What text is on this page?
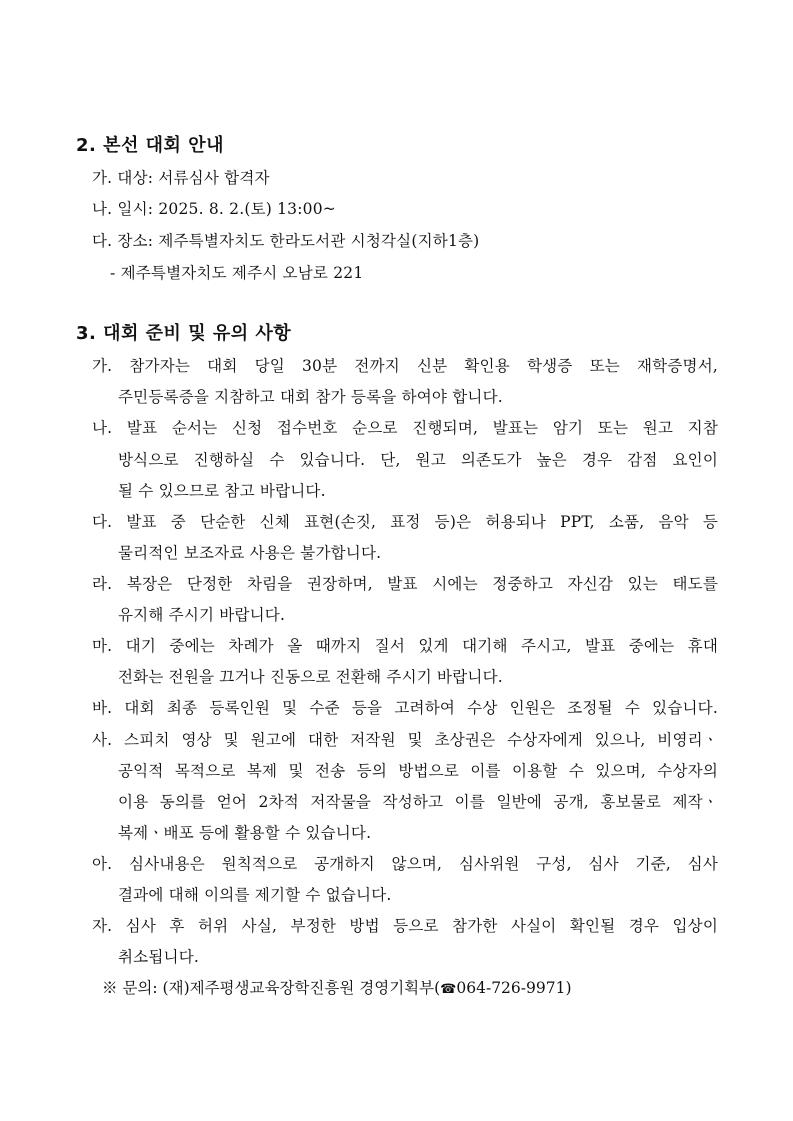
2. 본선 대회 안내
가. 대상: 서류심사 합격자
나. 일시: 2025. 8. 2.(토) 13:00~
다. 장소: 제주특별자치도 한라도서관 시청각실(지하1층)
- 제주특별자치도 제주시 오남로 221
3. 대회 준비 및 유의 사항
가. 참가자는 대회 당일 30분 전까지 신분 확인용 학생증 또는 재학증명서,
주민등록증을 지참하고 대회 참가 등록을 하여야 합니다.
나. 발표 순서는 신청 접수번호 순으로 진행되며, 발표는 암기 또는 원고 지참
방식으로 진행하실 수 있습니다. 단, 원고 의존도가 높은 경우 감점 요인이
될 수 있으므로 참고 바랍니다.
다. 발표 중 단순한 신체 표현(손짓, 표정 등)은 허용되나 PPT, 소품, 음악 등
물리적인 보조자료 사용은 불가합니다.
라. 복장은 단정한 차림을 권장하며, 발표 시에는 정중하고 자신감 있는 태도를
유지해 주시기 바랍니다.
마. 대기 중에는 차례가 올 때까지 질서 있게 대기해 주시고, 발표 중에는 휴대
전화는 전원을 끄거나 진동으로 전환해 주시기 바랍니다.
바. 대회 최종 등록인원 및 수준 등을 고려하여 수상 인원은 조정될 수 있습니다.
사. 스피치 영상 및 원고에 대한 저작원 및 초상권은 수상자에게 있으나, 비영리ㆍ
공익적 목적으로 복제 및 전송 등의 방법으로 이를 이용할 수 있으며, 수상자의
이용 동의를 얻어 2차적 저작물을 작성하고 이를 일반에 공개, 홍보물로 제작ㆍ
복제ㆍ배포 등에 활용할 수 있습니다.
아. 심사내용은 원칙적으로 공개하지 않으며, 심사위원 구성, 심사 기준, 심사
결과에 대해 이의를 제기할 수 없습니다.
자. 심사 후 허위 사실, 부정한 방법 등으로 참가한 사실이 확인될 경우 입상이
취소됩니다.
※ 문의: (재)제주평생교육장학진흥원 경영기획부(☎064-726-9971)
